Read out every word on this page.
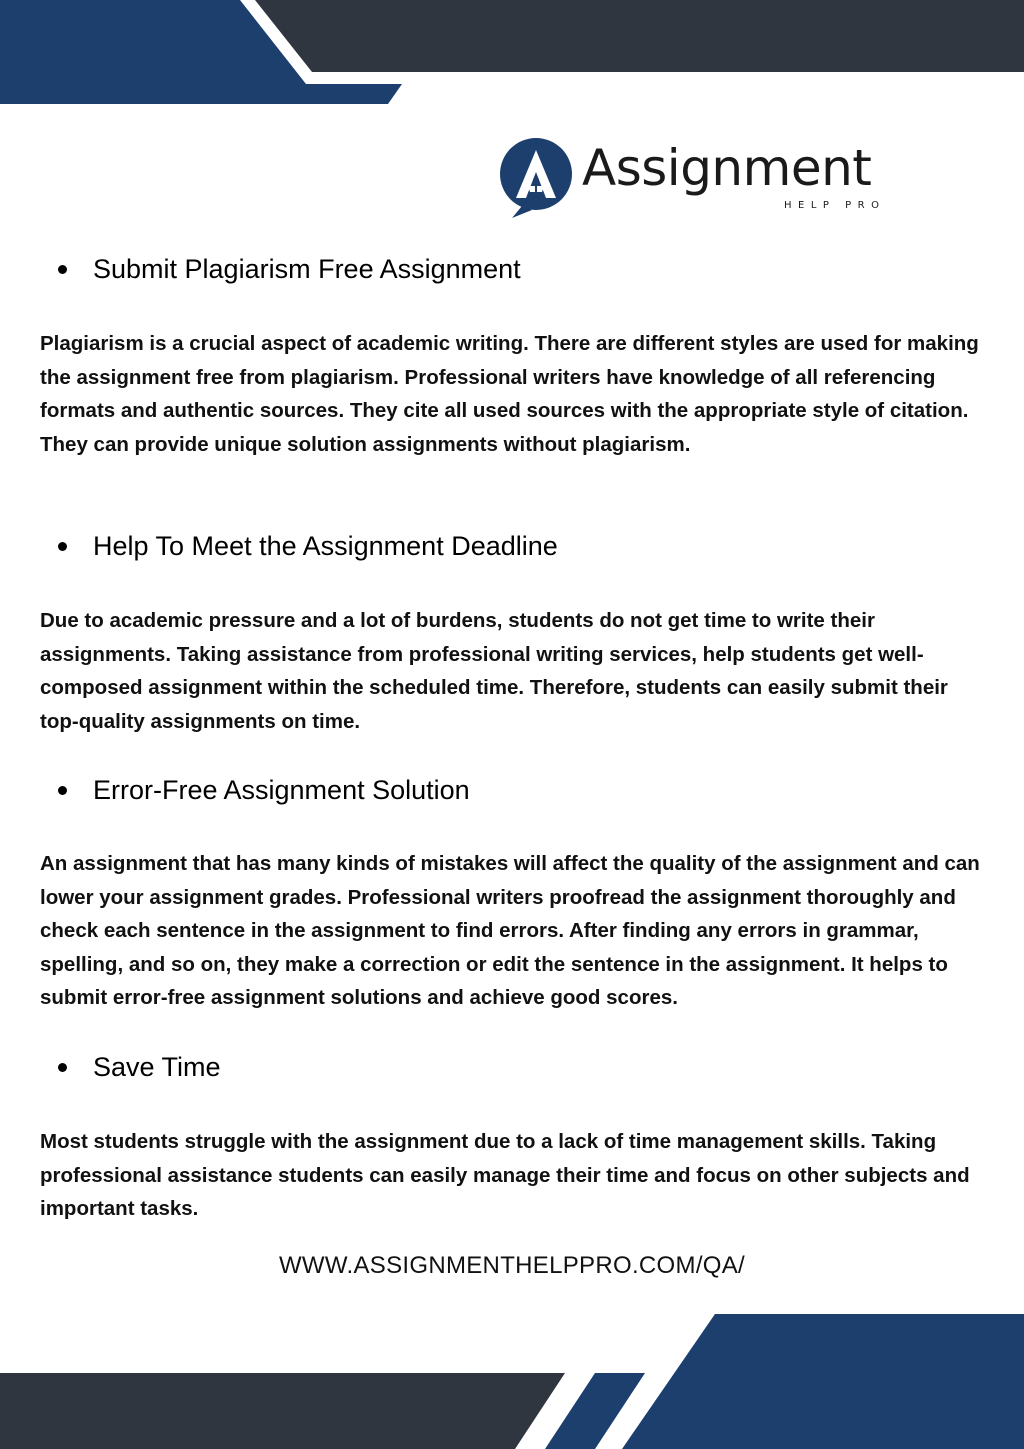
Assignment
HELP PRO
Submit Plagiarism Free Assignment

Plagiarism is a crucial aspect of academic writing. There are different styles are used for making the assignment free from plagiarism. Professional writers have knowledge of all referencing formats and authentic sources. They cite all used sources with the appropriate style of citation. They can provide unique solution assignments without plagiarism.

Help To Meet the Assignment Deadline

Due to academic pressure and a lot of burdens, students do not get time to write their assignments. Taking assistance from professional writing services, help students get well-composed assignment within the scheduled time. Therefore, students can easily submit their top-quality assignments on time.

Error-Free Assignment Solution

An assignment that has many kinds of mistakes will affect the quality of the assignment and can lower your assignment grades. Professional writers proofread the assignment thoroughly and check each sentence in the assignment to find errors. After finding any errors in grammar, spelling, and so on, they make a correction or edit the sentence in the assignment. It helps to submit error-free assignment solutions and achieve good scores.

Save Time

Most students struggle with the assignment due to a lack of time management skills. Taking professional assistance students can easily manage their time and focus on other subjects and important tasks.

WWW.ASSIGNMENTHELPPRO.COM/QA/
